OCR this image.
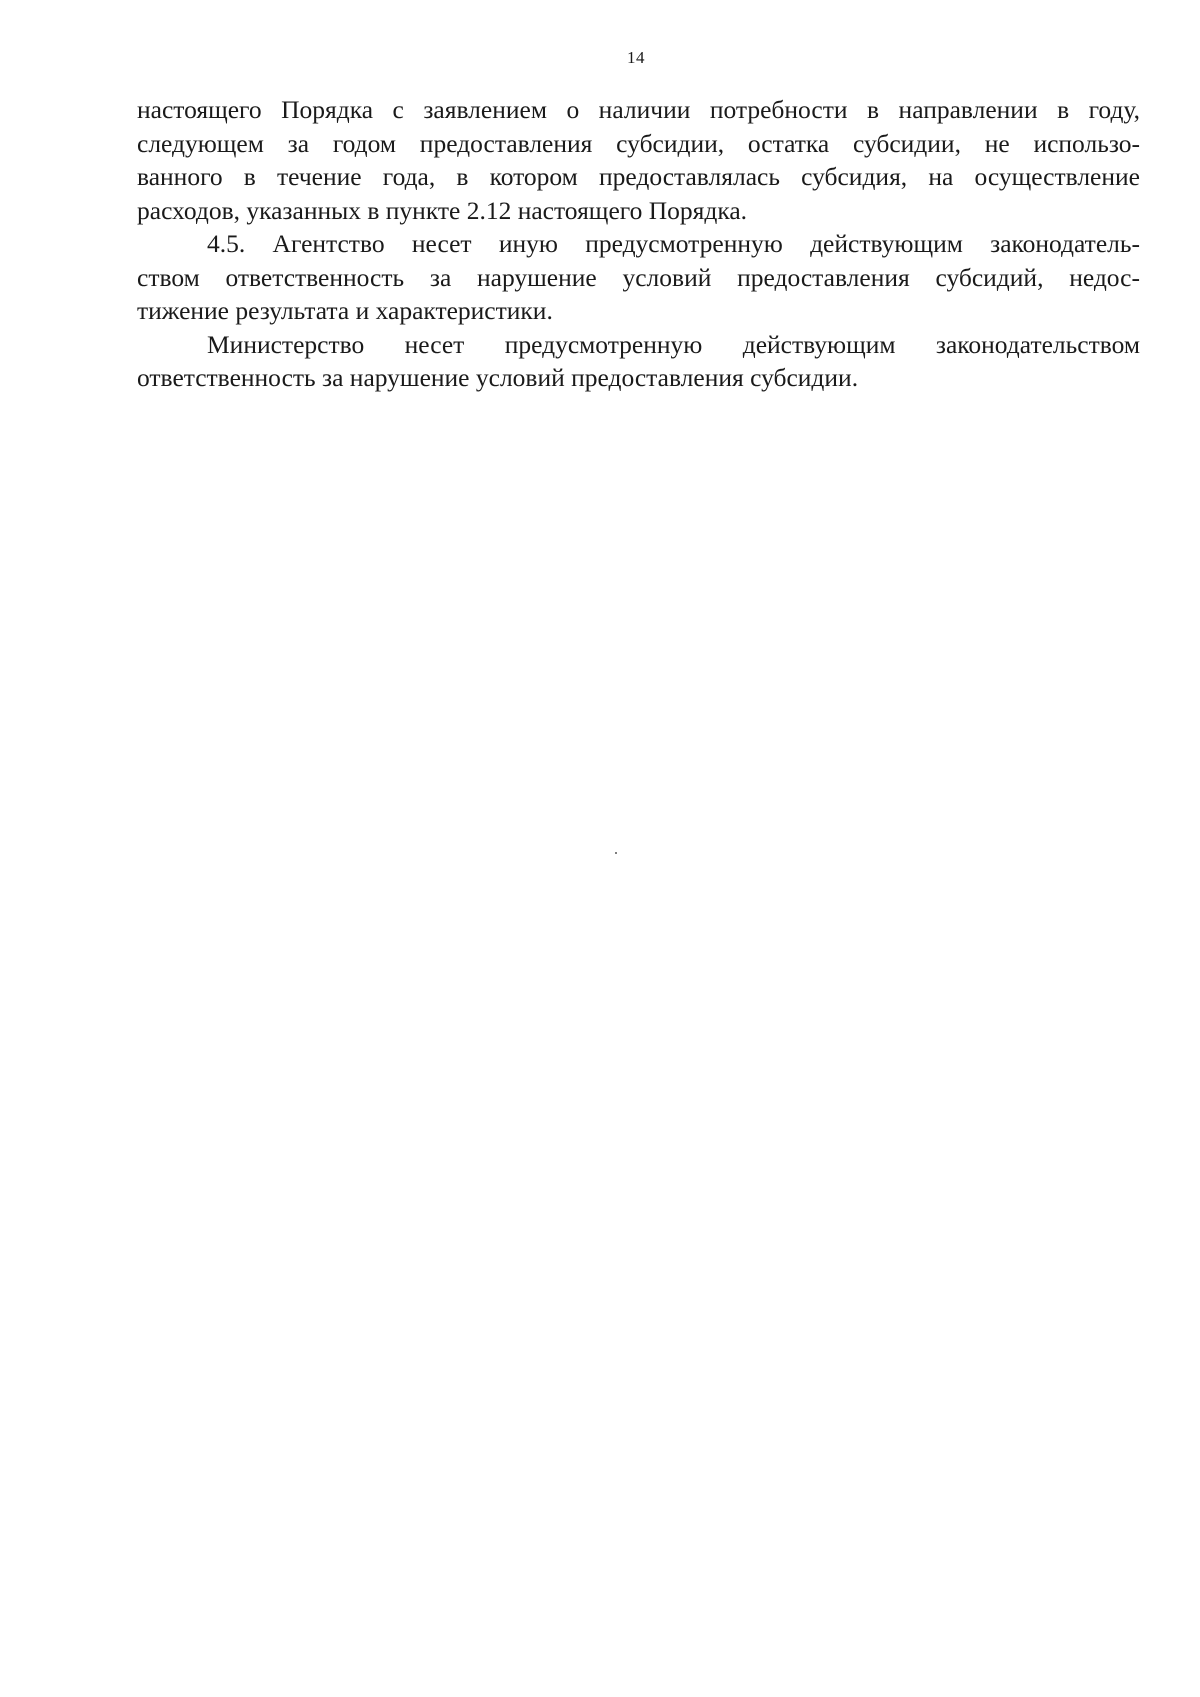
14

настоящего Порядка с заявлением о наличии потребности в направлении в году,
следующем за годом предоставления субсидии, остатка субсидии, не использо-
ванного в течение года, в котором предоставлялась субсидия, на осуществление
расходов, указанных в пункте 2.12 настоящего Порядка.

4.5. Агентство несет иную предусмотренную действующим законодатель-
ством ответственность за нарушение условий предоставления субсидий, недос-
тижение результата и характеристики.

Министерство несет предусмотренную действующим законодательством
ответственность за нарушение условий предоставления субсидии.
